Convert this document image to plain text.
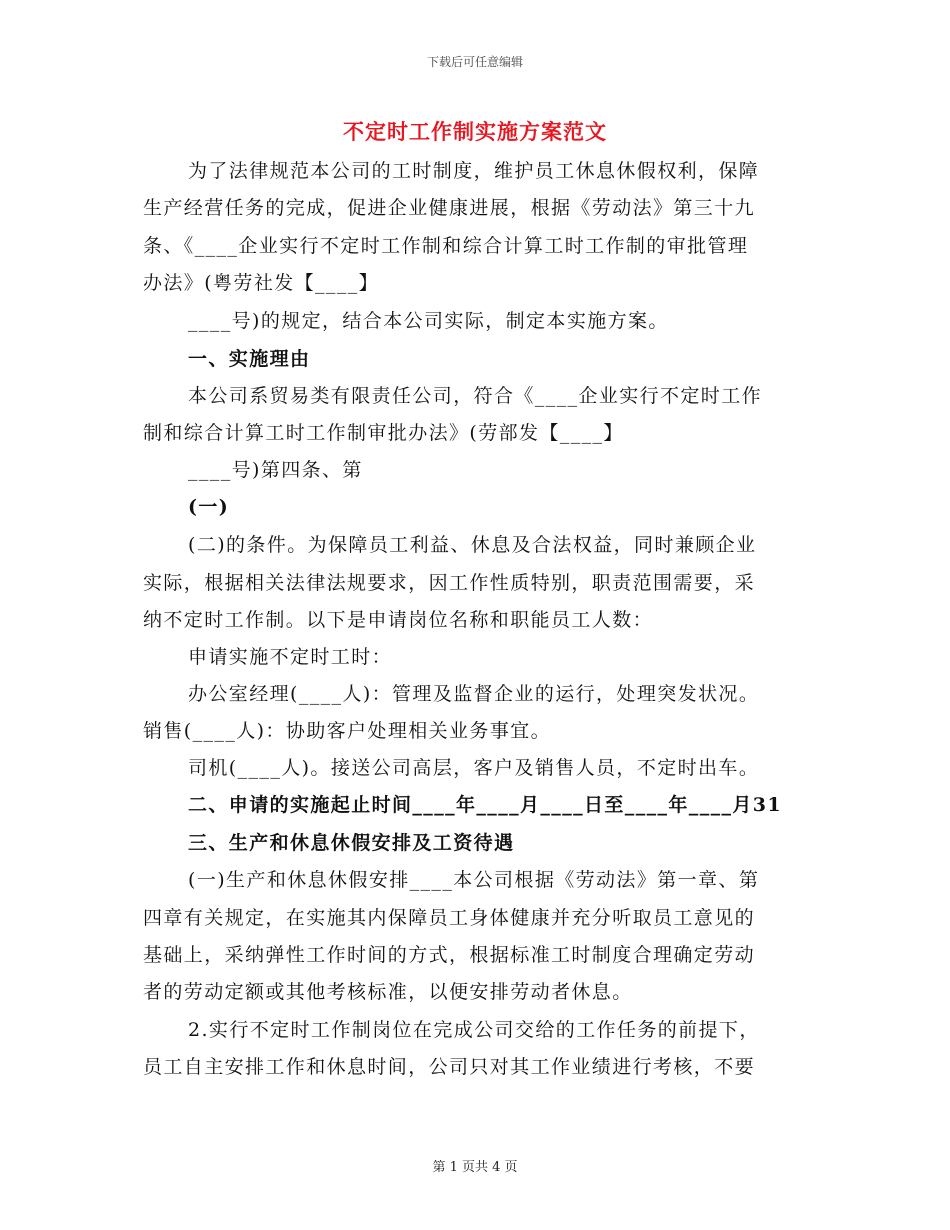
下载后可任意编辑
不定时工作制实施方案范文
为了法律规范本公司的工时制度，维护员工休息休假权利，保障
生产经营任务的完成，促进企业健康进展，根据《劳动法》第三十九
条、《____企业实行不定时工作制和综合计算工时工作制的审批管理
办法》(粤劳社发【____】
____号)的规定，结合本公司实际，制定本实施方案。
一、实施理由
本公司系贸易类有限责任公司，符合《____企业实行不定时工作
制和综合计算工时工作制审批办法》(劳部发【____】
____号)第四条、第
(一)
(二)的条件。为保障员工利益、休息及合法权益，同时兼顾企业
实际，根据相关法律法规要求，因工作性质特别，职责范围需要，采
纳不定时工作制。以下是申请岗位名称和职能员工人数：
申请实施不定时工时：
办公室经理(____人)：管理及监督企业的运行，处理突发状况。
销售(____人)：协助客户处理相关业务事宜。
司机(____人)。接送公司高层，客户及销售人员，不定时出车。
二、申请的实施起止时间____年____月____日至____年____月31
三、生产和休息休假安排及工资待遇
(一)生产和休息休假安排____本公司根据《劳动法》第一章、第
四章有关规定，在实施其内保障员工身体健康并充分听取员工意见的
基础上，采纳弹性工作时间的方式，根据标准工时制度合理确定劳动
者的劳动定额或其他考核标准，以便安排劳动者休息。
2.实行不定时工作制岗位在完成公司交给的工作任务的前提下，
员工自主安排工作和休息时间，公司只对其工作业绩进行考核，不要
第 1 页共 4 页
